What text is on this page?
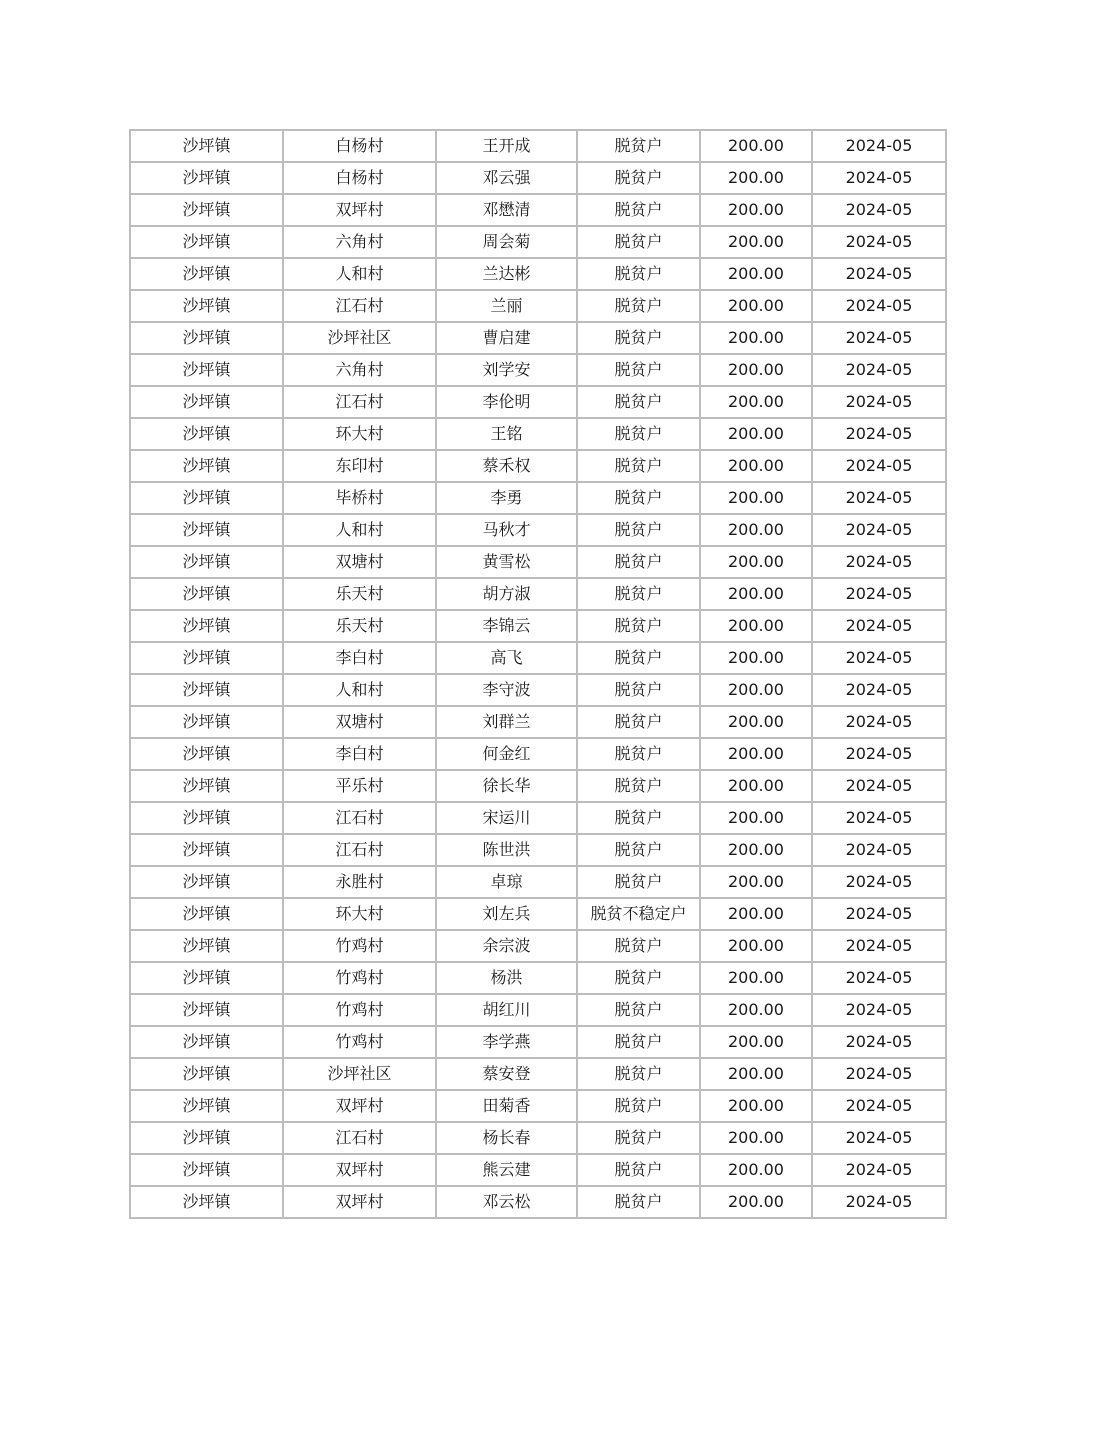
沙坪镇	白杨村	王开成	脱贫户	200.00	2024-05
沙坪镇	白杨村	邓云强	脱贫户	200.00	2024-05
沙坪镇	双坪村	邓懋清	脱贫户	200.00	2024-05
沙坪镇	六角村	周会菊	脱贫户	200.00	2024-05
沙坪镇	人和村	兰达彬	脱贫户	200.00	2024-05
沙坪镇	江石村	兰丽	脱贫户	200.00	2024-05
沙坪镇	沙坪社区	曹启建	脱贫户	200.00	2024-05
沙坪镇	六角村	刘学安	脱贫户	200.00	2024-05
沙坪镇	江石村	李伦明	脱贫户	200.00	2024-05
沙坪镇	环大村	王铭	脱贫户	200.00	2024-05
沙坪镇	东印村	蔡禾权	脱贫户	200.00	2024-05
沙坪镇	毕桥村	李勇	脱贫户	200.00	2024-05
沙坪镇	人和村	马秋才	脱贫户	200.00	2024-05
沙坪镇	双塘村	黄雪松	脱贫户	200.00	2024-05
沙坪镇	乐天村	胡方淑	脱贫户	200.00	2024-05
沙坪镇	乐天村	李锦云	脱贫户	200.00	2024-05
沙坪镇	李白村	高飞	脱贫户	200.00	2024-05
沙坪镇	人和村	李守波	脱贫户	200.00	2024-05
沙坪镇	双塘村	刘群兰	脱贫户	200.00	2024-05
沙坪镇	李白村	何金红	脱贫户	200.00	2024-05
沙坪镇	平乐村	徐长华	脱贫户	200.00	2024-05
沙坪镇	江石村	宋运川	脱贫户	200.00	2024-05
沙坪镇	江石村	陈世洪	脱贫户	200.00	2024-05
沙坪镇	永胜村	卓琼	脱贫户	200.00	2024-05
沙坪镇	环大村	刘左兵	脱贫不稳定户	200.00	2024-05
沙坪镇	竹鸡村	余宗波	脱贫户	200.00	2024-05
沙坪镇	竹鸡村	杨洪	脱贫户	200.00	2024-05
沙坪镇	竹鸡村	胡红川	脱贫户	200.00	2024-05
沙坪镇	竹鸡村	李学燕	脱贫户	200.00	2024-05
沙坪镇	沙坪社区	蔡安登	脱贫户	200.00	2024-05
沙坪镇	双坪村	田菊香	脱贫户	200.00	2024-05
沙坪镇	江石村	杨长春	脱贫户	200.00	2024-05
沙坪镇	双坪村	熊云建	脱贫户	200.00	2024-05
沙坪镇	双坪村	邓云松	脱贫户	200.00	2024-05
